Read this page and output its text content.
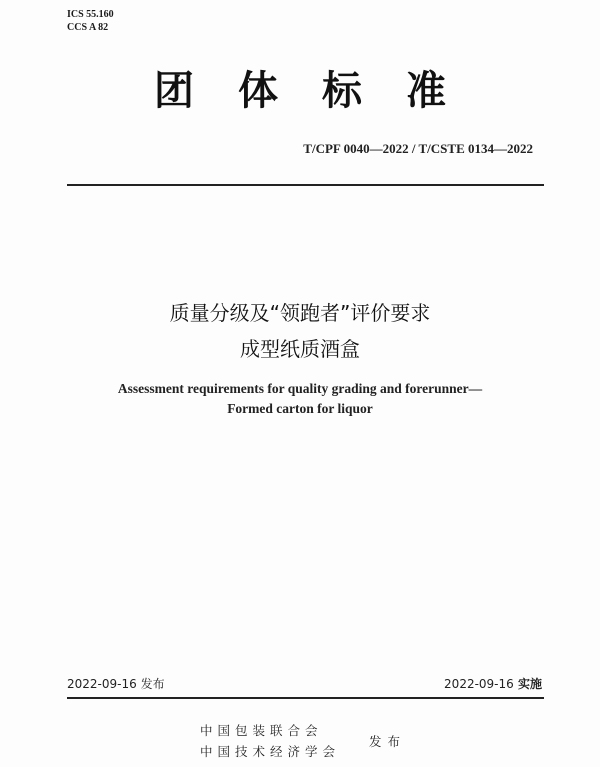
ICS 55.160
CCS A 82
团体标准
T/CPF 0040—2022 / T/CSTE 0134—2022
质量分级及“领跑者”评价要求
成型纸质酒盒
Assessment requirements for quality grading and forerunner—
Formed carton for liquor
2022-09-16 发布	2022-09-16 实施
中国包装联合会
中国技术经济学会
发布
